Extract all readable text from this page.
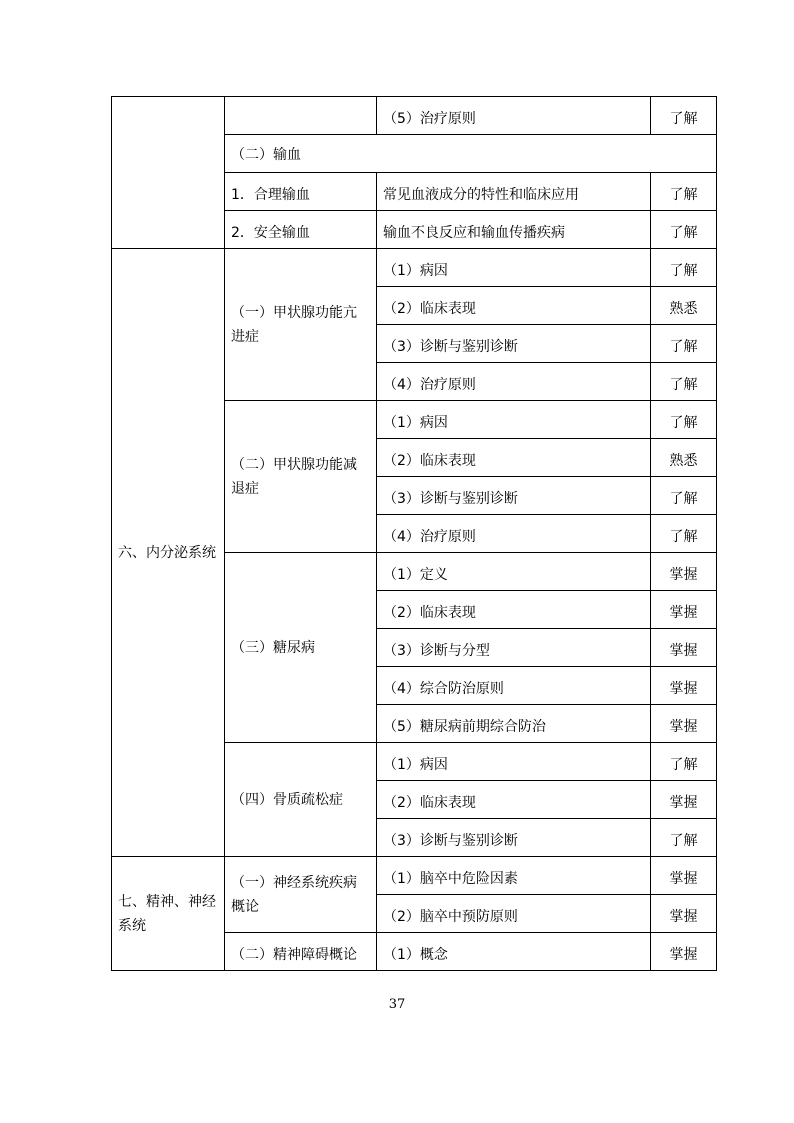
		（5）治疗原则	了解
	（二）输血		
	1．合理输血	常见血液成分的特性和临床应用	了解
	2．安全输血	输血不良反应和输血传播疾病	了解
六、内分泌系统	（一）甲状腺功能亢进症	（1）病因	了解
		（2）临床表现	熟悉
		（3）诊断与鉴别诊断	了解
		（4）治疗原则	了解
	（二）甲状腺功能减退症	（1）病因	了解
		（2）临床表现	熟悉
		（3）诊断与鉴别诊断	了解
		（4）治疗原则	了解
	（三）糖尿病	（1）定义	掌握
		（2）临床表现	掌握
		（3）诊断与分型	掌握
		（4）综合防治原则	掌握
		（5）糖尿病前期综合防治	掌握
	（四）骨质疏松症	（1）病因	了解
		（2）临床表现	掌握
		（3）诊断与鉴别诊断	了解
七、精神、神经系统	（一）神经系统疾病概论	（1）脑卒中危险因素	掌握
		（2）脑卒中预防原则	掌握
	（二）精神障碍概论	（1）概念	掌握
37
